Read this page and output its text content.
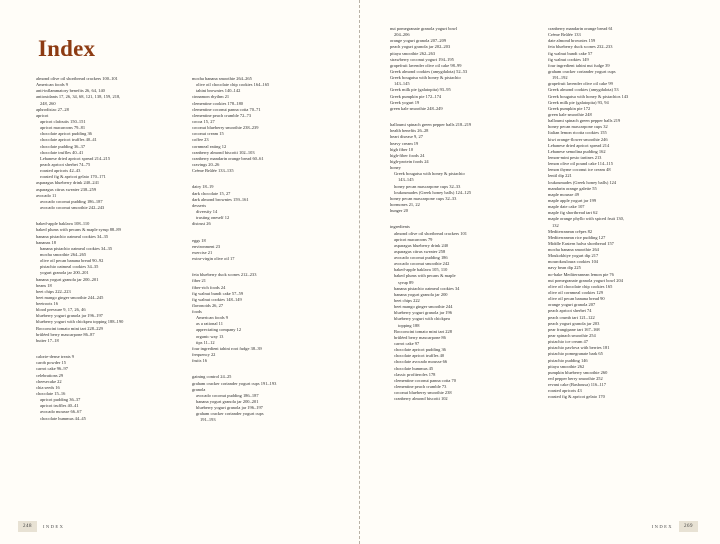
Index
almond olive oil shortbread crackers 100–101
American foods 9
anti-inflammatory benefits 26, 64, 140
antioxidants 17, 26, 34, 68, 121, 138, 159, 218,
248, 260
aphrodisiac 27–28
apricot
apricot clafoutis 150–151
apricot macaroons 79–81
chocolate apricot pudding 36
chocolate apricot truffles 40–41
chocolate pudding 36–37
chocolate truffles 40–41
Lebanese dried apricot spread 214–215
peach apricot sherbet 74–75
roasted apricots 42–43
roasted fig & apricot gelato 170–171
asparagus blueberry drink 240–241
asparagus citrus sweater 238–259
avocado 11
avocado coconut pudding 186–187
avocado coconut smoothie 242–243

baked-apple baklava 108–110
baked plums with pecans & maple syrup 88–89
banana pistachio oatmeal cookies 34–35
bananas 18
banana pistachio oatmeal cookies 34–35
mocha smoothie 264–265
olive oil pecan banana bread 90–92
pistachio oatmeal cookies 34–35
yogurt granola jar 200–201
banana yogurt granola jar 200–201
beans 18
beet chips 222–223
beet mango ginger smoothie 244–245
beetroots 16
blood pressure 9, 17, 26, 46
blueberry yogurt granola jar 196–197
blueberry yogurt with chickpea topping 188–190
Bocconcini tomato mini tart 228–229
brûléed berry mascarpone 86–87
butter 17–18

calorie-dense treats 9
carob powder 15
carrot cake 96–97
celebrations 29
cheesecake 22
chia seeds 16
chocolate 15–16
apricot pudding 36–37
apricot truffles 40–41
avocado mousse 66–67
chocolate hummus 44–45
mocha banana smoothie 264–265
olive oil chocolate chip cookies 164–165
tahini brownies 140–142
cinnamon rhythm 21
clementine cookies 178–180
clementine coconut panna cotta 70–71
clementine peach crumble 72–73
cocoa 15, 27
coconut blueberry smoothie 238–239
coconut cream 15
coffee 23
cornmeal eating 12
cranberry almond biscotti 102–103
cranberry mandarin orange bread 60–61
cravings 20–26
Crème Brûlée 133–135

dairy 18–19
dark chocolate 15, 27
dark almond brownies 159–161
desserts
diversity 14
trusting oneself 12
distrust 26

eggs 18
environment 23
exercise 21
extra-virgin olive oil 17

feta blueberry duck scones 212–233
fiber 21
fiber-rich foods 24
fig walnut bundt cake 57–59
fig walnut cookies 148–149
flavonoids 26, 27
foods
American foods 9
as a rational 11
appreciating company 12
organic way 13
tips 11–12
four ingredient tahini root fudge 38–39
frequency 22
fruits 16

gaining control 24–25
graham cracker coriander yogurt cups 191–193
granola
avocado coconut pudding 186–187
banana yogurt granola jar 200–201
blueberry yogurt granola jar 196–197
graham cracker coriander yogurt cups
191–193
248	INDEX
nut pomegranate granola yogurt bowl
204–206
orange yogurt granola 207–209
peach yogurt granola jar 202–203
pitaya smoothie 262–263
strawberry coconut yogurt 194–195
grapefruit lavender olive oil cake 98–99
Greek almond cookies (amygdalota) 52–53
Greek bougatsa with honey & pistachio
143–145
Greek milk pie (galatopita) 93–95
Greek pumpkin pie 172–174
Greek yogurt 19
green kale smoothie 248–249

halloumi spinach green pepper balls 218–219
health benefits 26–28
heart disease 9, 27
heavy cream 19
high fiber 10
high-fiber foods 24
high-protein foods 24
honey
Greek bougatsa with honey & pistachio
143–145
honey pecan mascarpone cups 32–33
loukoumades (Greek honey balls) 124–125
honey pecan mascarpone cups 32–33
hormones 21, 22
hunger 20

ingredients
almond olive oil shortbread crackers 101
apricot macaroons 79
asparagus blueberry drink 240
asparagus citrus sweater 258
avocado coconut pudding 186
avocado coconut smoothie 242
baked-apple baklava 105, 110
baked plums with pecans & maple
syrup 89
banana pistachio oatmeal cookies 34
banana yogurt granola jar 200
beet chips 222
beet mango ginger smoothie 244
blueberry yogurt granola jar 196
blueberry yogurt with chickpea
topping 188
Bocconcini tomato mini tart 228
brûléed berry mascarpone 86
carrot cake 97
chocolate apricot pudding 36
chocolate apricot truffles 40
chocolate avocado mousse 66
chocolate hummus 45
classic profiteroles 178
clementine coconut panna cotta 70
clementine peach crumble 73
coconut blueberry smoothie 238
cranberry almond biscotti 102
cranberry mandarin orange bread 61
Crème Brûlée 133
date almond brownies 159
feta blueberry duck scones 232–233
fig walnut bundt cake 57
fig walnut cookies 149
four ingredient tahini nut fudge 39
graham cracker coriander yogurt cups
191–192
grapefruit lavender olive oil cake 99
Greek almond cookies (amygdalota) 53
Greek bougatsa with honey & pistachios 143
Greek milk pie (galatopita) 93, 94
Greek pumpkin pie 172
green kale smoothie 248
halloumi spinach green pepper balls 219
honey pecan mascarpone cups 32
Italian lemon ricotta cookies 155
kiwi orange-flower smoothie 246
Lebanese dried apricot spread 214
Lebanese semolina pudding 162
lemon-mint pesto tartines 213
lemon olive oil pound cake 114–115
lemon thyme coconut ice cream 48
lentil dip 221
loukoumades (Greek honey balls) 124
mandarin orange galette 55
maple mousse 49
maple apple yogurt jar 199
maple date cake 107
maple fig shortbread tart 62
maple orange phyllo with spiced fruit 130,
132
Mediterranean crêpes 82
Mediterranean rice pudding 127
Middle Eastern halva shortbread 157
mocha banana smoothie 264
Moukokhiye yogurt dip 217
mourokouloura cookies 104
navy bean dip 225
no-bake Mediterranean lemon pie 76
nut pomegranate granola yogurt bowl 204
olive oil chocolate chip cookies 165
olive oil cornmeal cookies 129
olive oil pecan banana bread 90
orange yogurt granola 207
peach apricot sherbet 74
peach crumb tart 121–122
peach yogurt granola jar 203
pear frangipane tart 167–168
pear spinach smoothie 254
pistachio ice cream 47
pistachio pavlova with berries 181
pistachio pomegranate bark 65
pistachio pudding 146
pitaya smoothie 262
pumpkin blueberry smoothie 260
red pepper berry smoothie 252
revani cake (Basbousa) 116–117
roasted apricots 43
roasted fig & apricot gelato 170
INDEX	269
